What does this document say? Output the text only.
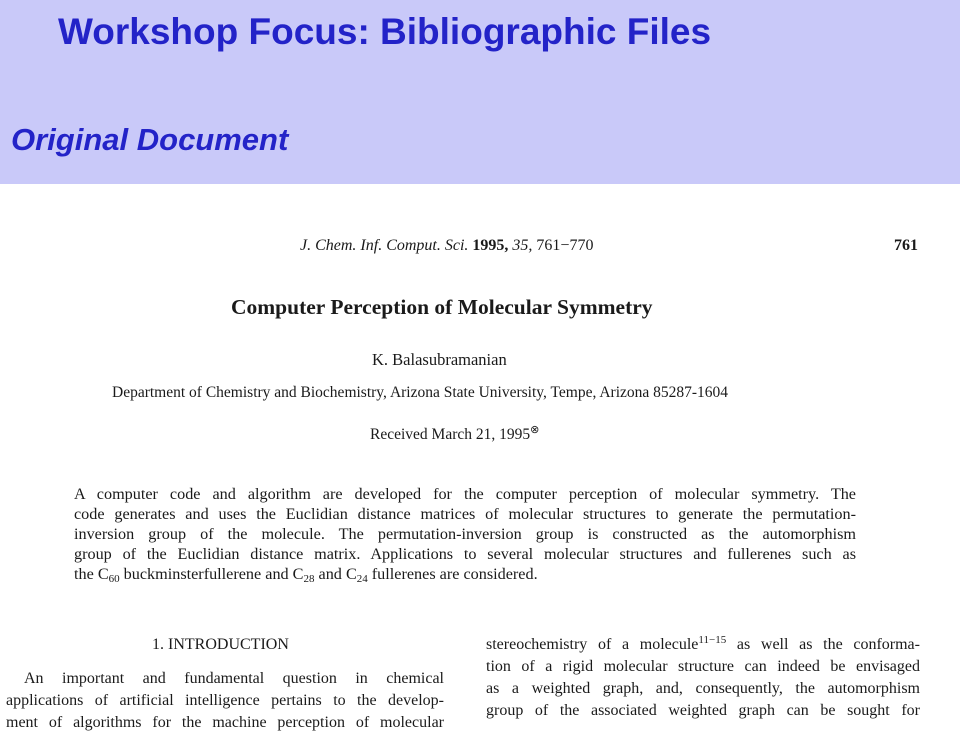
Workshop Focus: Bibliographic Files
Original Document
J. Chem. Inf. Comput. Sci. 1995, 35, 761−770	761
Computer Perception of Molecular Symmetry
K. Balasubramanian
Department of Chemistry and Biochemistry, Arizona State University, Tempe, Arizona 85287-1604
Received March 21, 1995⊗
A computer code and algorithm are developed for the computer perception of molecular symmetry. The
code generates and uses the Euclidian distance matrices of molecular structures to generate the permutation-
inversion group of the molecule. The permutation-inversion group is constructed as the automorphism
group of the Euclidian distance matrix. Applications to several molecular structures and fullerenes such as
the $C_{60}$ buckminsterfullerene and $C_{28}$ and $C_{24}$ fullerenes are considered.
1. INTRODUCTION
An important and fundamental question in chemical
applications of artificial intelligence pertains to the develop-
ment of algorithms for the machine perception of molecular
stereochemistry of a molecule$^{11-15}$ as well as the conforma-
tion of a rigid molecular structure can indeed be envisaged
as a weighted graph, and, consequently, the automorphism
group of the associated weighted graph can be sought for
